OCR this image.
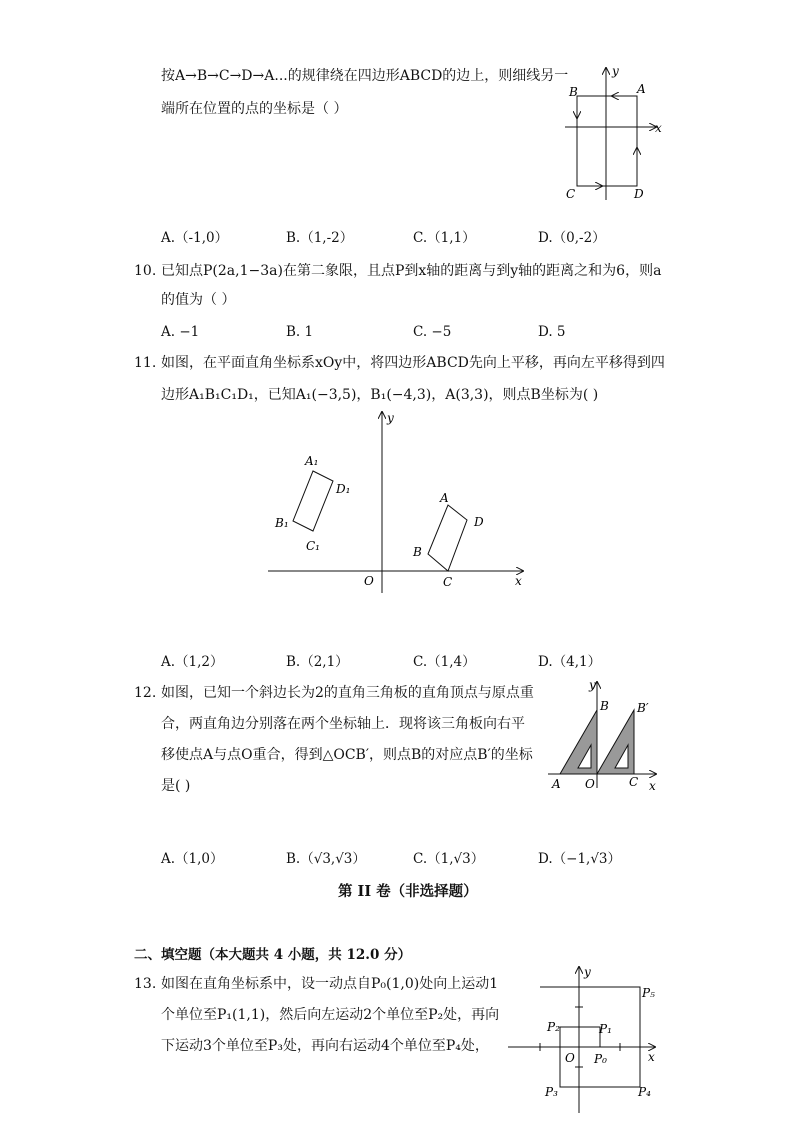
按A→B→C→D→A...的规律绕在四边形ABCD的边上，则细线另一
端所在位置的点的坐标是（ ）
y
x
A
B
C	D
A.（-1,0）	B.（1,-2）	C.（1,1）	D.（0,-2）
10. 已知点P(2a,1−3a)在第二象限，且点P到x轴的距离与到y轴的距离之和为6，则a
的值为（ ）
A. −1	B. 1	C. −5	D. 5
11. 如图，在平面直角坐标系xOy中，将四边形ABCD先向上平移，再向左平移得到四
边形A₁B₁C₁D₁，已知A₁(−3,5)，B₁(−4,3)，A(3,3)，则点B坐标为( )
y
x
O
A₁
D₁
B₁
C₁
A
D
B
C
A.（1,2）	B.（2,1）	C.（1,4）	D.（4,1）
12. 如图，已知一个斜边长为2的直角三角板的直角顶点与原点重
合，两直角边分别落在两个坐标轴上．现将该三角板向右平
移使点A与点O重合，得到△OCB′，则点B的对应点B′的坐标
是( )
y
x
A O	C
B B′
A.（1,0）	B.（√3,√3）	C.（1,√3）	D.（−1,√3）
第 II 卷（非选择题）
二、填空题（本大题共 4 小题，共 12.0 分）
13. 如图在直角坐标系中，设一动点自P₀(1,0)处向上运动1
个单位至P₁(1,1)，然后向左运动2个单位至P₂处，再向
下运动3个单位至P₃处，再向右运动4个单位至P₄处，
y
x
O P₀
P₁
P₂
P₃	P₄
P₅
